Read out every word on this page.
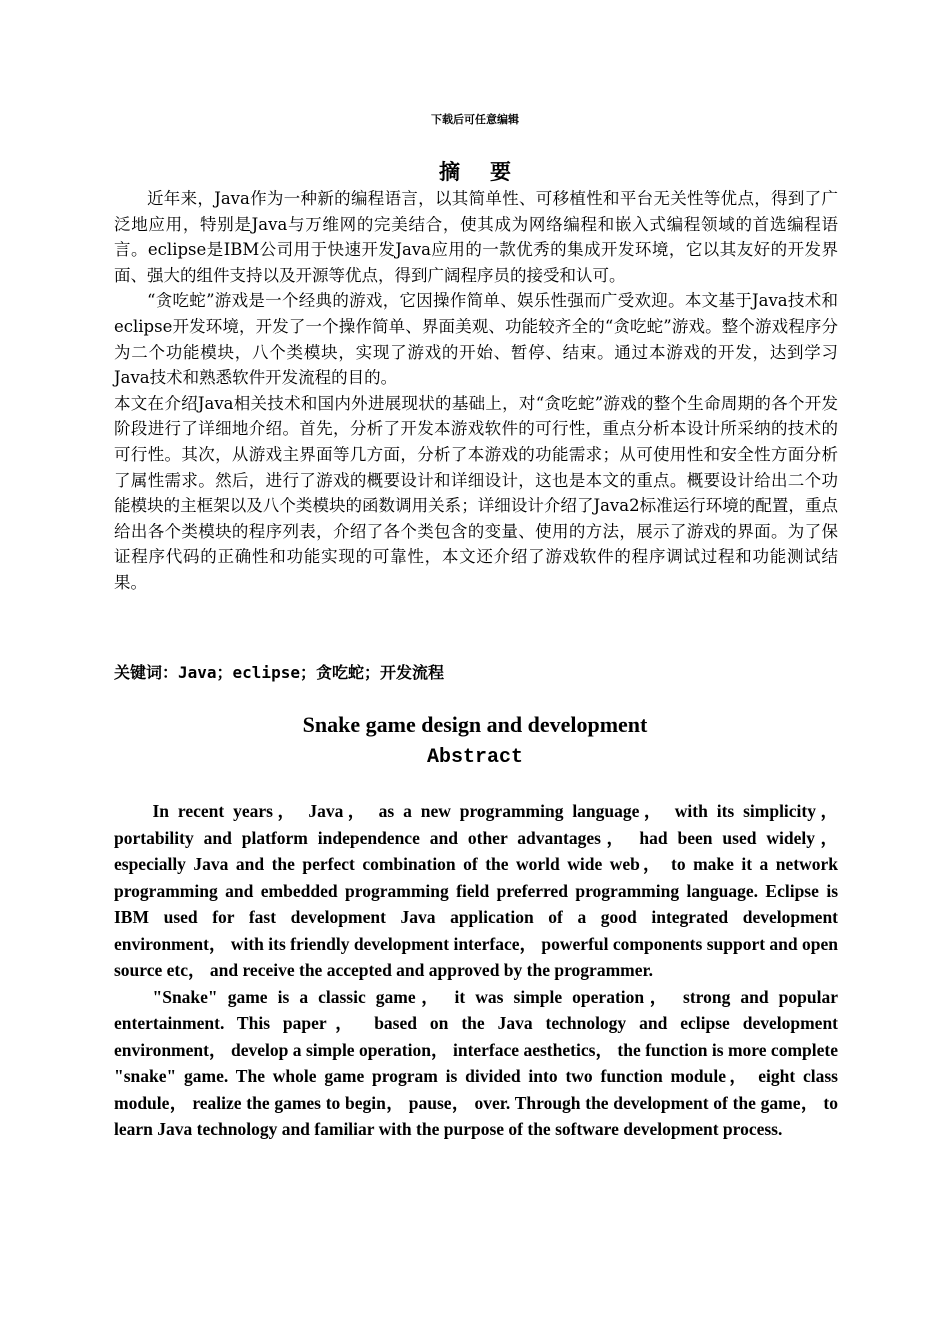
下载后可任意编辑
摘要

近年来，Java作为一种新的编程语言，以其简单性、可移植性和平台无关性等优点，得到了广泛地应用，特别是Java与万维网的完美结合，使其成为网络编程和嵌入式编程领域的首选编程语言。eclipse是IBM公司用于快速开发Java应用的一款优秀的集成开发环境，它以其友好的开发界面、强大的组件支持以及开源等优点，得到广阔程序员的接受和认可。

“贪吃蛇”游戏是一个经典的游戏，它因操作简单、娱乐性强而广受欢迎。本文基于Java技术和eclipse开发环境，开发了一个操作简单、界面美观、功能较齐全的“贪吃蛇”游戏。整个游戏程序分为二个功能模块，八个类模块，实现了游戏的开始、暂停、结束。通过本游戏的开发，达到学习Java技术和熟悉软件开发流程的目的。

本文在介绍Java相关技术和国内外进展现状的基础上，对“贪吃蛇”游戏的整个生命周期的各个开发阶段进行了详细地介绍。首先，分析了开发本游戏软件的可行性，重点分析本设计所采纳的技术的可行性。其次，从游戏主界面等几方面，分析了本游戏的功能需求；从可使用性和安全性方面分析了属性需求。然后，进行了游戏的概要设计和详细设计，这也是本文的重点。概要设计给出二个功能模块的主框架以及八个类模块的函数调用关系；详细设计介绍了Java2标准运行环境的配置，重点给出各个类模块的程序列表，介绍了各个类包含的变量、使用的方法，展示了游戏的界面。为了保证程序代码的正确性和功能实现的可靠性，本文还介绍了游戏软件的程序调试过程和功能测试结果。

关键词：Java；eclipse；贪吃蛇；开发流程
Snake game design and development
Abstract

In recent years， Java， as a new programming language， with its simplicity， portability and platform independence and other advantages， had been used widely， especially Java and the perfect combination of the world wide web， to make it a network programming and embedded programming field preferred programming language. Eclipse is IBM used for fast development Java application of a good integrated development environment， with its friendly development interface， powerful components support and open source etc， and receive the accepted and approved by the programmer.

"Snake" game is a classic game， it was simple operation， strong and popular entertainment. This paper， based on the Java technology and eclipse development environment， develop a simple operation， interface aesthetics， the function is more complete "snake" game. The whole game program is divided into two function module， eight class module， realize the games to begin， pause， over. Through the development of the game， to learn Java technology and familiar with the purpose of the software development process.
